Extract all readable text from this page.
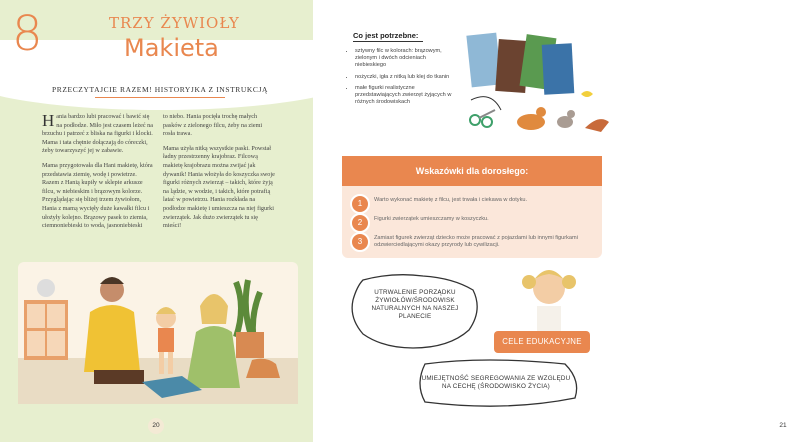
8	TRZY ŻYWIOŁY
Makieta
PRZECZYTAJCIE RAZEM! HISTORYJKA Z INSTRUKCJĄ

Hania bardzo lubi pracować i bawić się na podłodze. Miło jest czasem leżeć na brzuchu i patrzeć z bliska na figurki i klocki. Mama i tata chętnie dołączają do córeczki, żeby towarzyszyć jej w zabawie.

Mama przygotowała dla Hani makietę, która przedstawia ziemię, wodę i powietrze. Razem z Hanią kupiły w sklepie arkusze filcu, w niebieskim i brązowym kolorze. Przyglądając się bliżej trzem żywiołom, Hania z mamą wycięły duże kawałki filcu i ułożyły kolejno. Brązowy pasek to ziemia, ciemnoniebieski to woda, jasnoniebieski

to niebo. Hania pocięła trochę małych pasków z zielonego filcu, żeby na ziemi rosła trawa.

Mama użyła nitką wszystkie paski. Powstał ładny przestrzenny krajobraz. Filcową makietę krajobrazu można zwijać jak dywanik! Hania włożyła do koszyczka swoje figurki różnych zwierząt – takich, które żyją na lądzie, w wodzie, i takich, które potrafią latać w powietrzu. Hania rozkłada na podłodze makietę i umieszcza na niej figurki zwierzątek. Jak dużo zwierzątek tu się mieści!

20
Co jest potrzebne:
• sztywny filc w kolorach: brązowym, zielonym i dwóch odcieniach niebieskiego
• nożyczki, igła z nitką lub klej do tkanin
• małe figurki realistyczne przedstawiających zwierzęt żyjących w różnych środowiskach
Wskazówki dla dorosłego:
1	Warto wykonać makietę z filcu, jest trwała i ciekawa w dotyku.
2	Figurki zwierzątek umieszczamy w koszyczku.
3	Zamiast figurek zwierząt dziecko może pracować z pojazdami lub innymi figurkami odzwierciedlającymi okazy przyrody lub cywilizacji.
UTRWALENIE PORZĄDKU ŻYWIOŁÓW/ŚRODOWISK NATURALNYCH NA NASZEJ PLANECIE
UMIEJĘTNOŚĆ SEGREGOWANIA ZE WZGLĘDU NA CECHĘ (ŚRODOWISKO ŻYCIA)
CELE EDUKACYJNE
21
